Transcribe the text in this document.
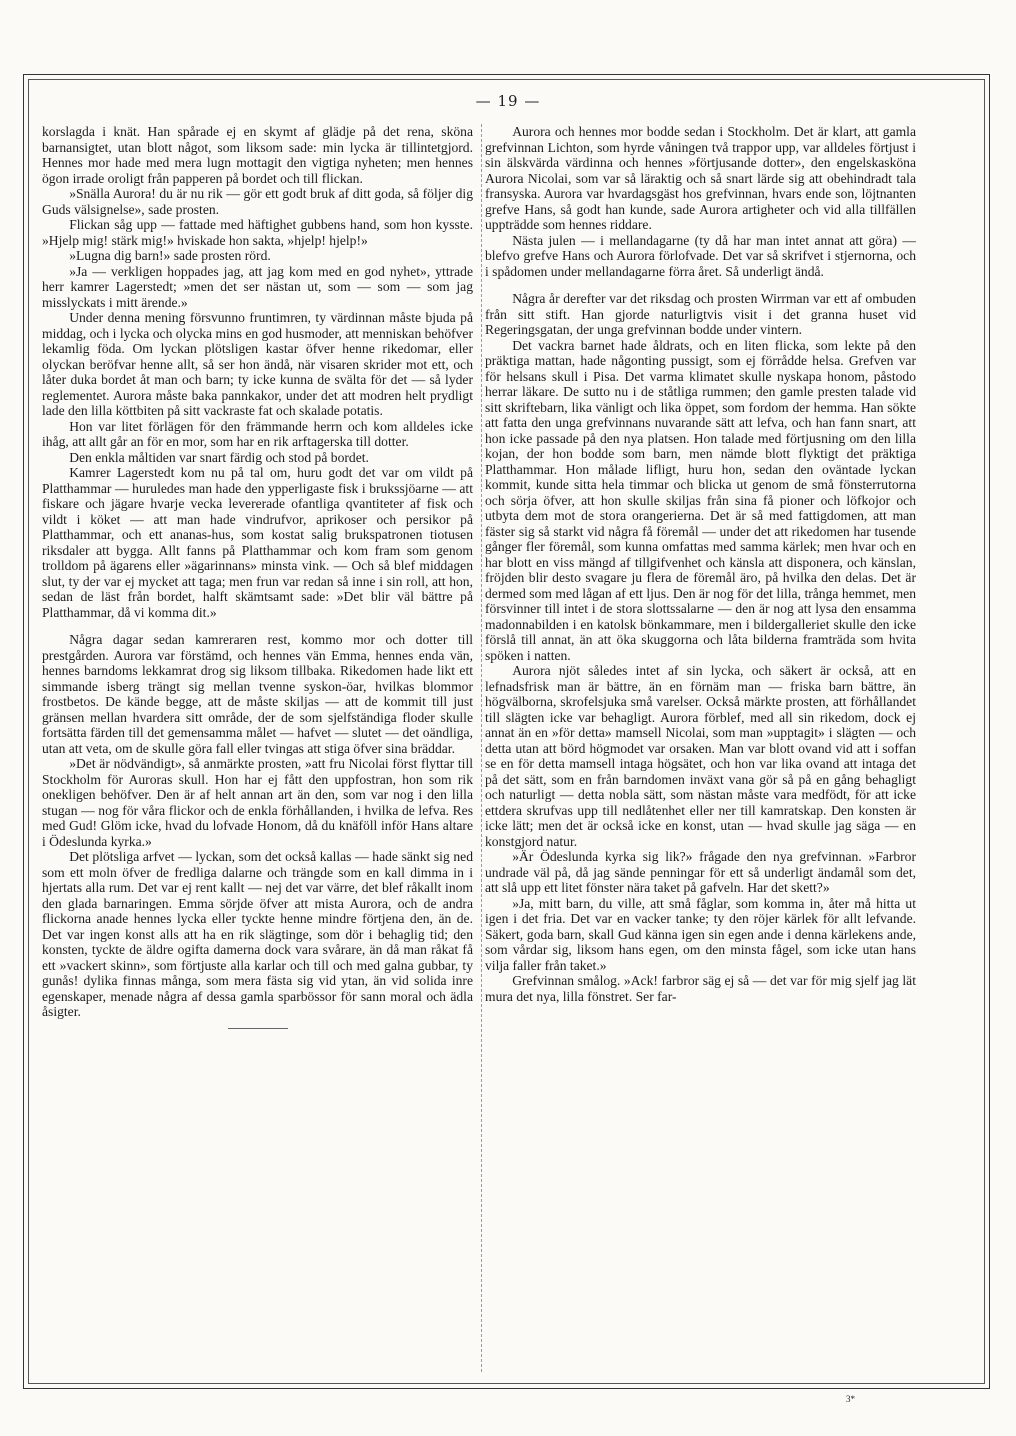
— 19 —

korslagda i knät. Han spårade ej en skymt af glädje på det rena, sköna barnansigtet, utan blott något, som liksom sade: min lycka är tillintetgjord. Hennes mor hade med mera lugn mottagit den vigtiga nyheten; men hennes ögon irrade oroligt från papperen på bordet och till flickan.

»Snälla Aurora! du är nu rik — gör ett godt bruk af ditt goda, så följer dig Guds välsignelse», sade prosten.

Flickan såg upp — fattade med häftighet gubbens hand, som hon kysste. »Hjelp mig! stärk mig!» hviskade hon sakta, »hjelp! hjelp!»

»Lugna dig barn!» sade prosten rörd.

»Ja — verkligen hoppades jag, att jag kom med en god nyhet», yttrade herr kamrer Lagerstedt; »men det ser nästan ut, som — som — som jag misslyckats i mitt ärende.»

Under denna mening försvunno fruntimren, ty värdinnan måste bjuda på middag, och i lycka och olycka mins en god husmoder, att menniskan behöfver lekamlig föda. Om lyckan plötsligen kastar öfver henne rikedomar, eller olyckan beröfvar henne allt, så ser hon ändå, när visaren skrider mot ett, och låter duka bordet åt man och barn; ty icke kunna de svälta för det — så lyder reglementet. Aurora måste baka pannkakor, under det att modren helt prydligt lade den lilla köttbiten på sitt vackraste fat och skalade potatis.

Hon var litet förlägen för den främmande herrn och kom alldeles icke ihåg, att allt går an för en mor, som har en rik arftagerska till dotter.

Den enkla måltiden var snart färdig och stod på bordet.

Kamrer Lagerstedt kom nu på tal om, huru godt det var om vildt på Platthammar — huruledes man hade den ypperligaste fisk i brukssjöarne — att fiskare och jägare hvarje vecka levererade ofantliga qvantiteter af fisk och vildt i köket — att man hade vindrufvor, aprikoser och persikor på Platthammar, och ett ananas-hus, som kostat salig brukspatronen tiotusen riksdaler att bygga. Allt fanns på Platthammar och kom fram som genom trolldom på ägarens eller »ägarinnans» minsta vink. — Och så blef middagen slut, ty der var ej mycket att taga; men frun var redan så inne i sin roll, att hon, sedan de läst från bordet, halft skämtsamt sade: »Det blir väl bättre på Platthammar, då vi komma dit.»

Några dagar sedan kamreraren rest, kommo mor och dotter till prestgården. Aurora var förstämd, och hennes vän Emma, hennes enda vän, hennes barndoms lekkamrat drog sig liksom tillbaka. Rikedomen hade likt ett simmande isberg trängt sig mellan tvenne syskon-öar, hvilkas blommor frostbetos. De kände begge, att de måste skiljas — att de kommit till just gränsen mellan hvardera sitt område, der de som sjelfständiga floder skulle fortsätta färden till det gemensamma målet — hafvet — slutet — det oändliga, utan att veta, om de skulle göra fall eller tvingas att stiga öfver sina bräddar.

»Det är nödvändigt», så anmärkte prosten, »att fru Nicolai först flyttar till Stockholm för Auroras skull. Hon har ej fått den uppfostran, hon som rik onekligen behöfver. Den är af helt annan art än den, som var nog i den lilla stugan — nog för våra flickor och de enkla förhållanden, i hvilka de lefva. Res med Gud! Glöm icke, hvad du lofvade Honom, då du knäföll inför Hans altare i Ödeslunda kyrka.»

Det plötsliga arfvet — lyckan, som det också kallas — hade sänkt sig ned som ett moln öfver de fredliga dalarne och trängde som en kall dimma in i hjertats alla rum. Det var ej rent kallt — nej det var värre, det blef råkallt inom den glada barnaringen. Emma sörjde öfver att mista Aurora, och de andra flickorna anade hennes lycka eller tyckte henne mindre förtjena den, än de. Det var ingen konst alls att ha en rik slägtinge, som dör i behaglig tid; den konsten, tyckte de äldre ogifta damerna dock vara svårare, än då man råkat få ett »vackert skinn», som förtjuste alla karlar och till och med galna gubbar, ty gunås! dylika finnas många, som mera fästa sig vid ytan, än vid solida inre egenskaper, menade några af dessa gamla sparbössor för sann moral och ädla åsigter.

Aurora och hennes mor bodde sedan i Stockholm. Det är klart, att gamla grefvinnan Lichton, som hyrde våningen två trappor upp, var alldeles förtjust i sin älskvärda värdinna och hennes »förtjusande dotter», den engelskasköna Aurora Nicolai, som var så läraktig och så snart lärde sig att obehindradt tala fransyska. Aurora var hvardagsgäst hos grefvinnan, hvars ende son, löjtnanten grefve Hans, så godt han kunde, sade Aurora artigheter och vid alla tillfällen uppträdde som hennes riddare.

Nästa julen — i mellandagarne (ty då har man intet annat att göra) — blefvo grefve Hans och Aurora förlofvade. Det var så skrifvet i stjernorna, och i spådomen under mellandagarne förra året. Så underligt ändå.

Några år derefter var det riksdag och prosten Wirrman var ett af ombuden från sitt stift. Han gjorde naturligtvis visit i det granna huset vid Regeringsgatan, der unga grefvinnan bodde under vintern.

Det vackra barnet hade åldrats, och en liten flicka, som lekte på den präktiga mattan, hade någonting pussigt, som ej förrådde helsa. Grefven var för helsans skull i Pisa. Det varma klimatet skulle nyskapa honom, påstodo herrar läkare. De sutto nu i de ståtliga rummen; den gamle presten talade vid sitt skriftebarn, lika vänligt och lika öppet, som fordom der hemma. Han sökte att fatta den unga grefvinnans nuvarande sätt att lefva, och han fann snart, att hon icke passade på den nya platsen. Hon talade med förtjusning om den lilla kojan, der hon bodde som barn, men nämde blott flyktigt det präktiga Platthammar. Hon målade lifligt, huru hon, sedan den oväntade lyckan kommit, kunde sitta hela timmar och blicka ut genom de små fönsterrutorna och sörja öfver, att hon skulle skiljas från sina få pioner och löfkojor och utbyta dem mot de stora orangerierna. Det är så med fattigdomen, att man fäster sig så starkt vid några få föremål — under det att rikedomen har tusende gånger fler föremål, som kunna omfattas med samma kärlek; men hvar och en har blott en viss mängd af tillgifvenhet och känsla att disponera, och känslan, fröjden blir desto svagare ju flera de föremål äro, på hvilka den delas. Det är dermed som med lågan af ett ljus. Den är nog för det lilla, trånga hemmet, men försvinner till intet i de stora slottssalarne — den är nog att lysa den ensamma madonnabilden i en katolsk bönkammare, men i bildergalleriet skulle den icke förslå till annat, än att öka skuggorna och låta bilderna framträda som hvita spöken i natten.

Aurora njöt således intet af sin lycka, och säkert är också, att en lefnadsfrisk man är bättre, än en förnäm man — friska barn bättre, än högvälborna, skrofelsjuka små varelser. Också märkte prosten, att förhållandet till slägten icke var behagligt. Aurora förblef, med all sin rikedom, dock ej annat än en »för detta» mamsell Nicolai, som man »upptagit» i slägten — och detta utan att börd högmodet var orsaken. Man var blott ovand vid att i soffan se en för detta mamsell intaga högsätet, och hon var lika ovand att intaga det på det sätt, som en från barndomen inväxt vana gör så på en gång behagligt och naturligt — detta nobla sätt, som nästan måste vara medfödt, för att icke ettdera skrufvas upp till nedlåtenhet eller ner till kamratskap. Den konsten är icke lätt; men det är också icke en konst, utan — hvad skulle jag säga — en konstgjord natur.

»Är Ödeslunda kyrka sig lik?» frågade den nya grefvinnan. »Farbror undrade väl på, då jag sände penningar för ett så underligt ändamål som det, att slå upp ett litet fönster nära taket på gafveln. Har det skett?»

»Ja, mitt barn, du ville, att små fåglar, som komma in, åter må hitta ut igen i det fria. Det var en vacker tanke; ty den röjer kärlek för allt lefvande. Säkert, goda barn, skall Gud känna igen sin egen ande i denna kärlekens ande, som vårdar sig, liksom hans egen, om den minsta fågel, som icke utan hans vilja faller från taket.»

Grefvinnan smålog. »Ack! farbror säg ej så — det var för mig sjelf jag lät mura det nya, lilla fönstret. Ser far-

3*
